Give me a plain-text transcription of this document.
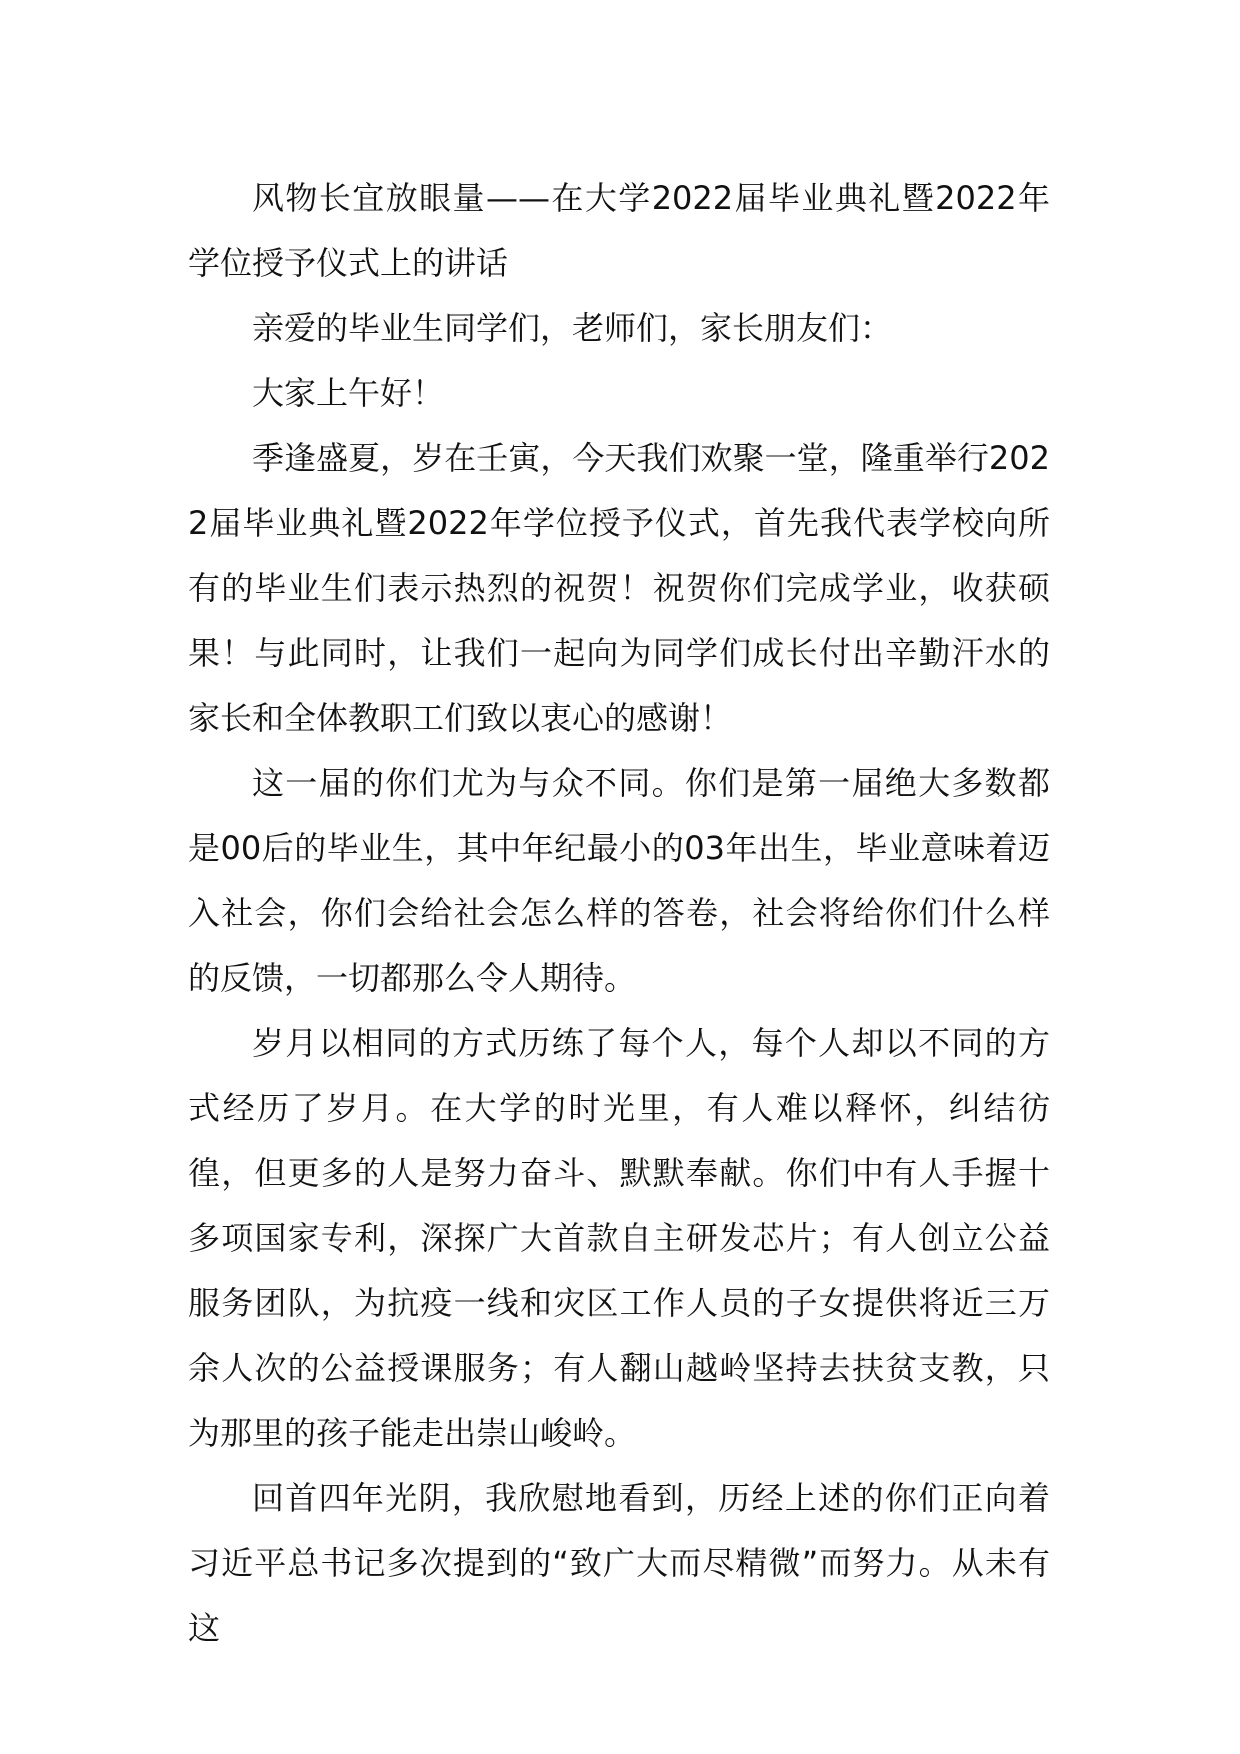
风物长宜放眼量——在大学2022届毕业典礼暨2022年学位授予仪式上的讲话

亲爱的毕业生同学们，老师们，家长朋友们：

大家上午好！

季逢盛夏，岁在壬寅，今天我们欢聚一堂，隆重举行2022届毕业典礼暨2022年学位授予仪式，首先我代表学校向所有的毕业生们表示热烈的祝贺！祝贺你们完成学业，收获硕果！与此同时，让我们一起向为同学们成长付出辛勤汗水的家长和全体教职工们致以衷心的感谢！

这一届的你们尤为与众不同。你们是第一届绝大多数都是00后的毕业生，其中年纪最小的03年出生，毕业意味着迈入社会，你们会给社会怎么样的答卷，社会将给你们什么样的反馈，一切都那么令人期待。

岁月以相同的方式历练了每个人，每个人却以不同的方式经历了岁月。在大学的时光里，有人难以释怀，纠结彷徨，但更多的人是努力奋斗、默默奉献。你们中有人手握十多项国家专利，深探广大首款自主研发芯片；有人创立公益服务团队，为抗疫一线和灾区工作人员的子女提供将近三万余人次的公益授课服务；有人翻山越岭坚持去扶贫支教，只为那里的孩子能走出崇山峻岭。

回首四年光阴，我欣慰地看到，历经上述的你们正向着习近平总书记多次提到的“致广大而尽精微”而努力。从未有这
